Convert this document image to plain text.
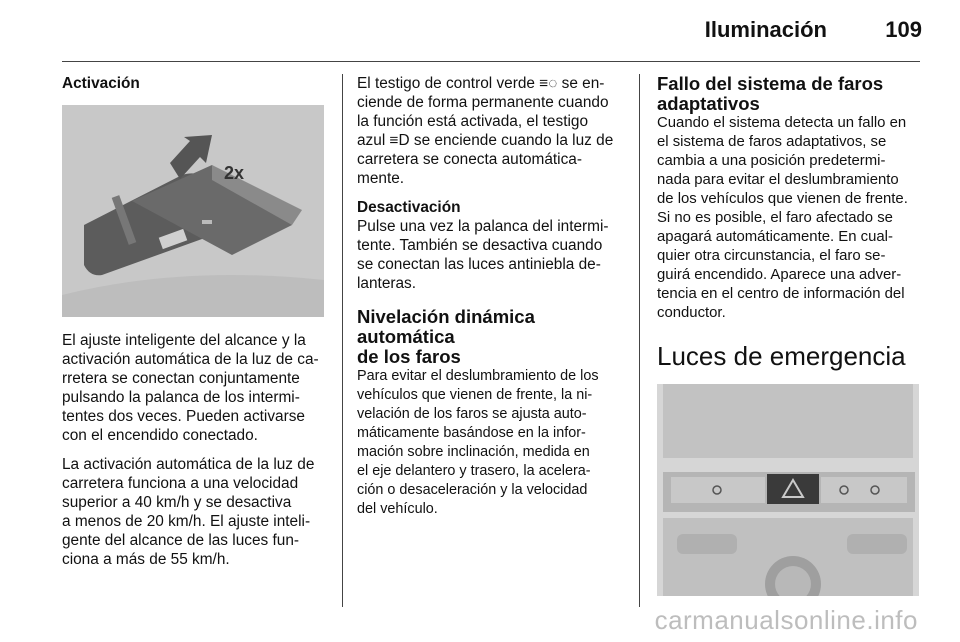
Iluminación	109
Activación
2x

El ajuste inteligente del alcance y la
activación automática de la luz de ca-
rretera se conectan conjuntamente
pulsando la palanca de los intermi-
tentes dos veces. Pueden activarse
con el encendido conectado.

La activación automática de la luz de
carretera funciona a una velocidad
superior a 40 km/h y se desactiva
a menos de 20 km/h. El ajuste inteli-
gente del alcance de las luces fun-
ciona a más de 55 km/h.

El testigo de control verde ≡◌ se en-
ciende de forma permanente cuando
la función está activada, el testigo
azul ≡D se enciende cuando la luz de
carretera se conecta automática-
mente.

Desactivación

Pulse una vez la palanca del intermi-
tente. También se desactiva cuando
se conectan las luces antiniebla de-
lanteras.

Nivelación dinámica automática
de los faros

Para evitar el deslumbramiento de los
vehículos que vienen de frente, la ni-
velación de los faros se ajusta auto-
máticamente basándose en la infor-
mación sobre inclinación, medida en
el eje delantero y trasero, la acelera-
ción o desaceleración y la velocidad
del vehículo.

Fallo del sistema de faros
adaptativos

Cuando el sistema detecta un fallo en
el sistema de faros adaptativos, se
cambia a una posición predetermi-
nada para evitar el deslumbramiento
de los vehículos que vienen de frente.
Si no es posible, el faro afectado se
apagará automáticamente. En cual-
quier otra circunstancia, el faro se-
guirá encendido. Aparece una adver-
tencia en el centro de información del
conductor.

Luces de emergencia
carmanualsonline.info
